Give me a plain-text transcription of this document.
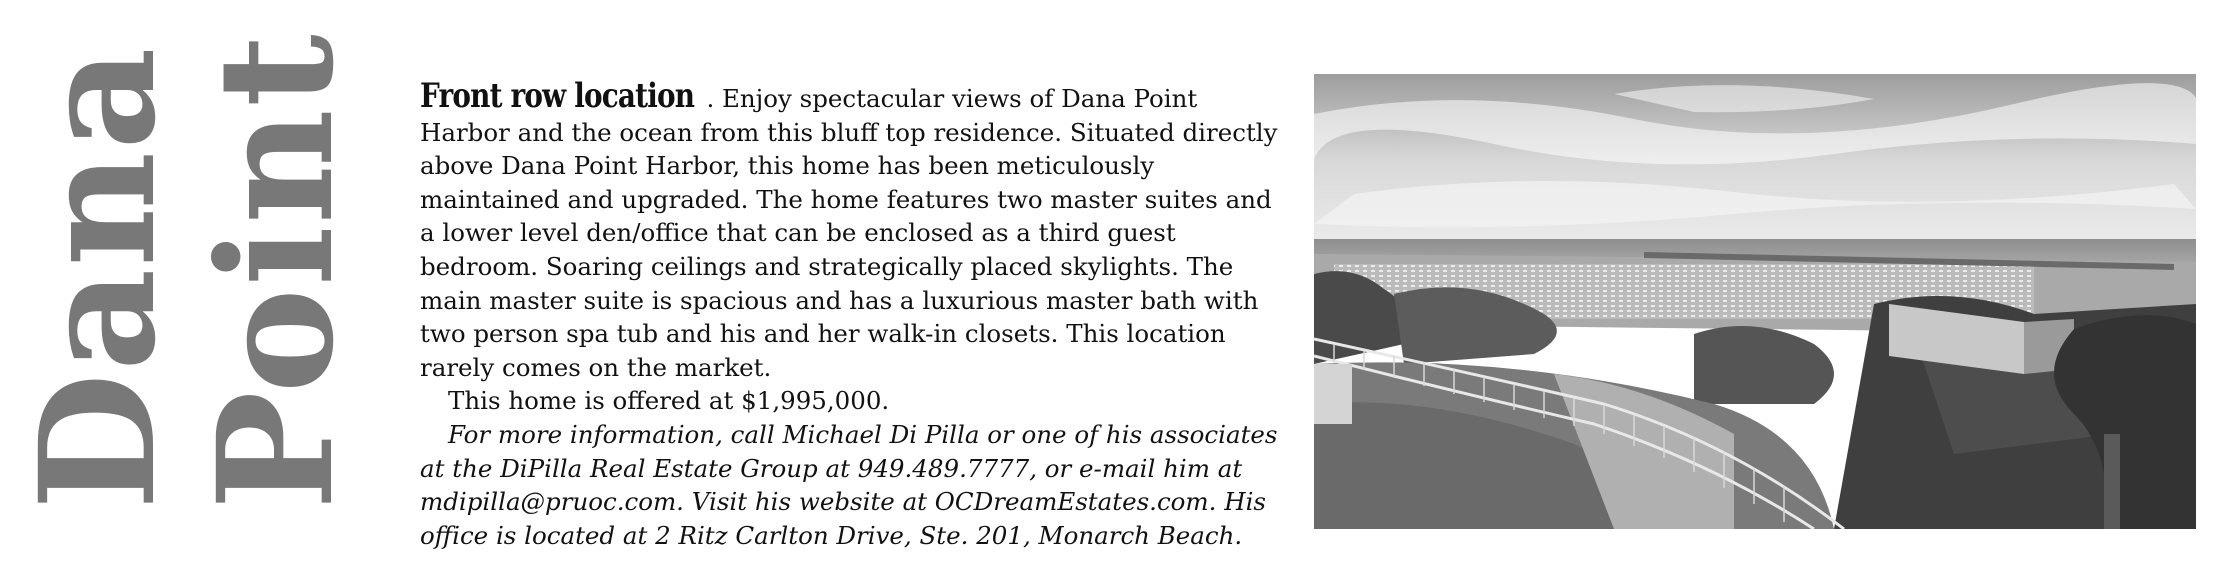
Dana
Point Front row location . Enjoy spectacular views of Dana Point Harbor and the ocean from this bluff top residence. Situated directly above Dana Point Harbor, this home has been meticulously maintained and upgraded. The home features two master suites and a lower level den/office that can be enclosed as a third guest bedroom. Soaring ceilings and strategically placed skylights. The main master suite is spacious and has a luxurious master bath with two person spa tub and his and her walk-in closets. This location rarely comes on the market.

This home is offered at $1,995,000.

For more information, call Michael Di Pilla or one of his associates at the DiPilla Real Estate Group at 949.489.7777, or e-mail him at mdipilla@pruoc.com. Visit his website at OCDreamEstates.com. His office is located at 2 Ritz Carlton Drive, Ste. 201, Monarch Beach.
